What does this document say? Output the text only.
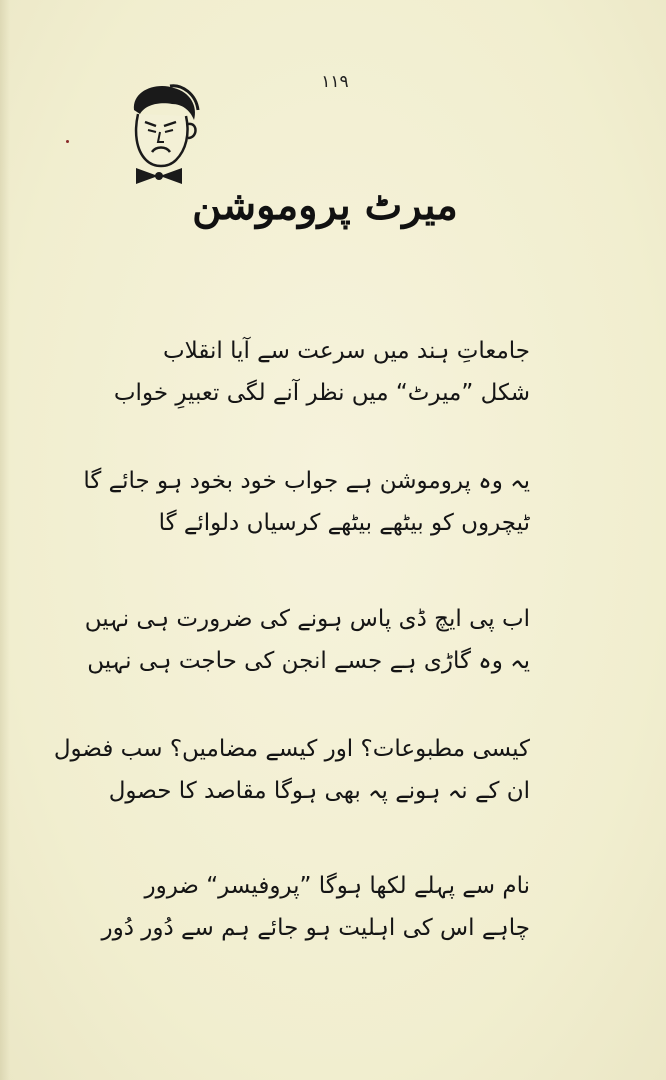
۱۱۹
میرٹ پروموشن
جامعاتِ ہند میں سرعت سے آیا انقلاب
شکل ”میرٹ“ میں نظر آنے لگی تعبیرِ خواب
یہ وہ پروموشن ہے جواب خود بخود ہو جائے گا
ٹیچروں کو بیٹھے بیٹھے کرسیاں دلوائے گا
اب پی ایچ ڈی پاس ہونے کی ضرورت ہی نہیں
یہ وہ گاڑی ہے جسے انجن کی حاجت ہی نہیں
کیسی مطبوعات؟ اور کیسے مضامیں؟ سب فضول
ان کے نہ ہونے پہ بھی ہوگا مقاصد کا حصول
نام سے پہلے لکھا ہوگا ”پروفیسر“ ضرور
چاہے اس کی اہلیت ہو جائے ہم سے دُور دُور
